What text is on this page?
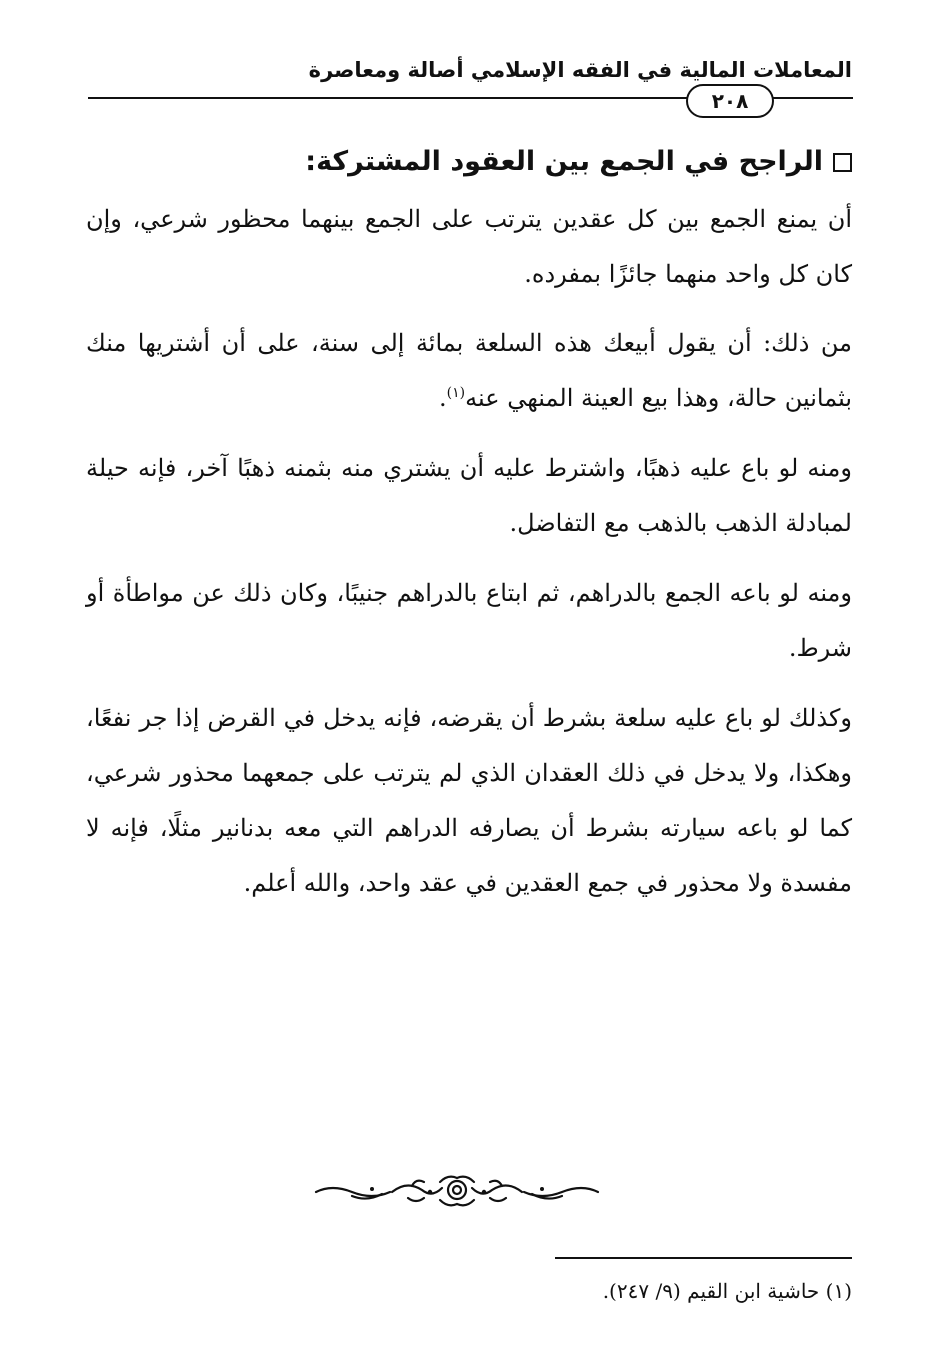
المعاملات المالية في الفقه الإسلامي أصالة ومعاصرة
٢٠٨
الراجح في الجمع بين العقود المشتركة:

أن يمنع الجمع بين كل عقدين يترتب على الجمع بينهما محظور شرعي، وإن كان كل واحد منهما جائزًا بمفرده.

من ذلك: أن يقول أبيعك هذه السلعة بمائة إلى سنة، على أن أشتريها منك بثمانين حالة، وهذا بيع العينة المنهي عنه$^{(١)}$.

ومنه لو باع عليه ذهبًا، واشترط عليه أن يشتري منه بثمنه ذهبًا آخر، فإنه حيلة لمبادلة الذهب بالذهب مع التفاضل.

ومنه لو باعه الجمع بالدراهم، ثم ابتاع بالدراهم جنيبًا، وكان ذلك عن مواطأة أو شرط.

وكذلك لو باع عليه سلعة بشرط أن يقرضه، فإنه يدخل في القرض إذا جر نفعًا، وهكذا، ولا يدخل في ذلك العقدان الذي لم يترتب على جمعهما محذور شرعي، كما لو باعه سيارته بشرط أن يصارفه الدراهم التي معه بدنانير مثلًا، فإنه لا مفسدة ولا محذور في جمع العقدين في عقد واحد، والله أعلم.

(١) حاشية ابن القيم (٩/ ٢٤٧).
